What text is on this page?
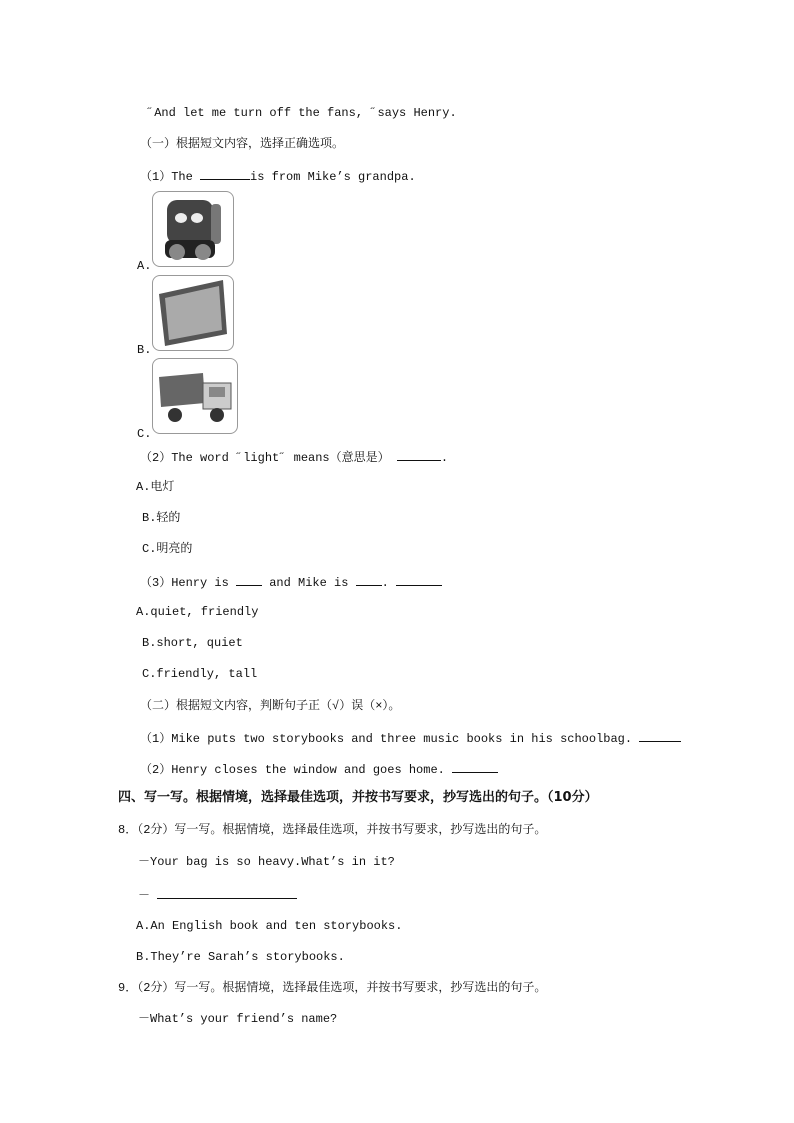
˝And let me turn off the fans, ˝says Henry.
（一）根据短文内容，选择正确选项。
（1）The	is from Mike’s grandpa.
A.
B.
C.
（2）The word ˝light˝ means（意思是）	.
A.电灯
B.轻的
C.明亮的
（3）Henry is  and Mike is .
A.quiet, friendly
B.short, quiet
C.friendly, tall
（二）根据短文内容，判断句子正（√）误（×）。
（1）Mike puts two storybooks and three music books in his schoolbag.
（2）Henry closes the window and goes home.
四、写一写。根据情境，选择最佳选项，并按书写要求，抄写选出的句子。（10分）
8．（2分）写一写。根据情境，选择最佳选项，并按书写要求，抄写选出的句子。
－Your bag is so heavy.What’s in it?
－
A.An English book and ten storybooks.
B.They’re Sarah’s storybooks.
9．（2分）写一写。根据情境，选择最佳选项，并按书写要求，抄写选出的句子。
－What’s your friend’s name?
